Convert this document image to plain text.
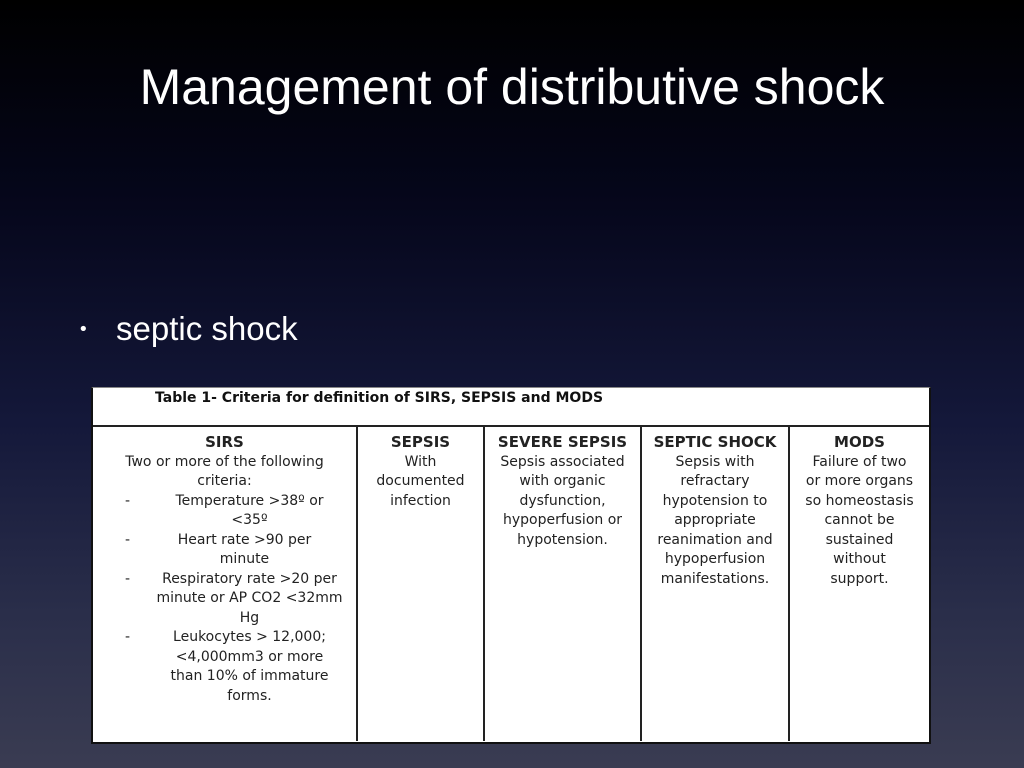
Management of distributive shock
• septic shock
Table 1- Criteria for definition of SIRS, SEPSIS and MODS
SIRS
Two or more of the following
criteria:
- Temperature >38º or <35º
- Heart rate >90 per minute
- Respiratory rate >20 per minute or AP CO2 <32mm Hg
- Leukocytes > 12,000; <4,000mm3 or more than 10% of immature forms.
SEPSIS
With
documented
infection
SEVERE SEPSIS
Sepsis associated
with organic
dysfunction,
hypoperfusion or
hypotension.
SEPTIC SHOCK
Sepsis with
refractary
hypotension to
appropriate
reanimation and
hypoperfusion
manifestations.
MODS
Failure of two
or more organs
so homeostasis
cannot be
sustained
without
support.
